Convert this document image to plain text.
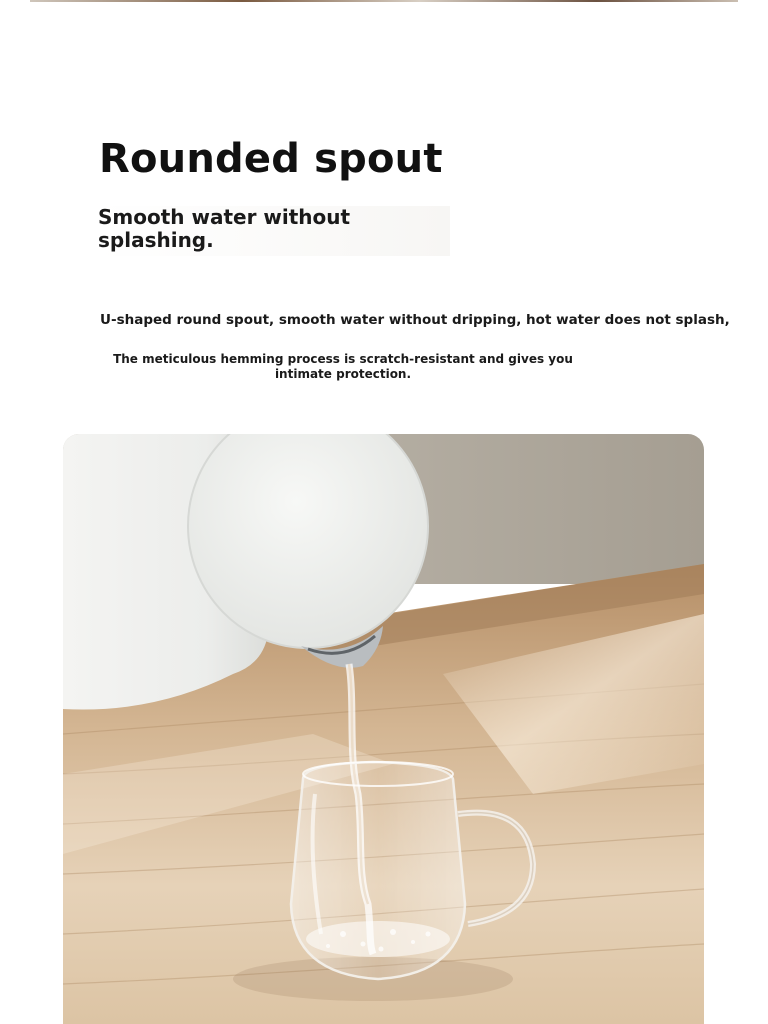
Rounded spout
Smooth water without splashing.
U-shaped round spout, smooth water without dripping, hot water does not splash,
The meticulous hemming process is scratch-resistant and gives you intimate protection.
